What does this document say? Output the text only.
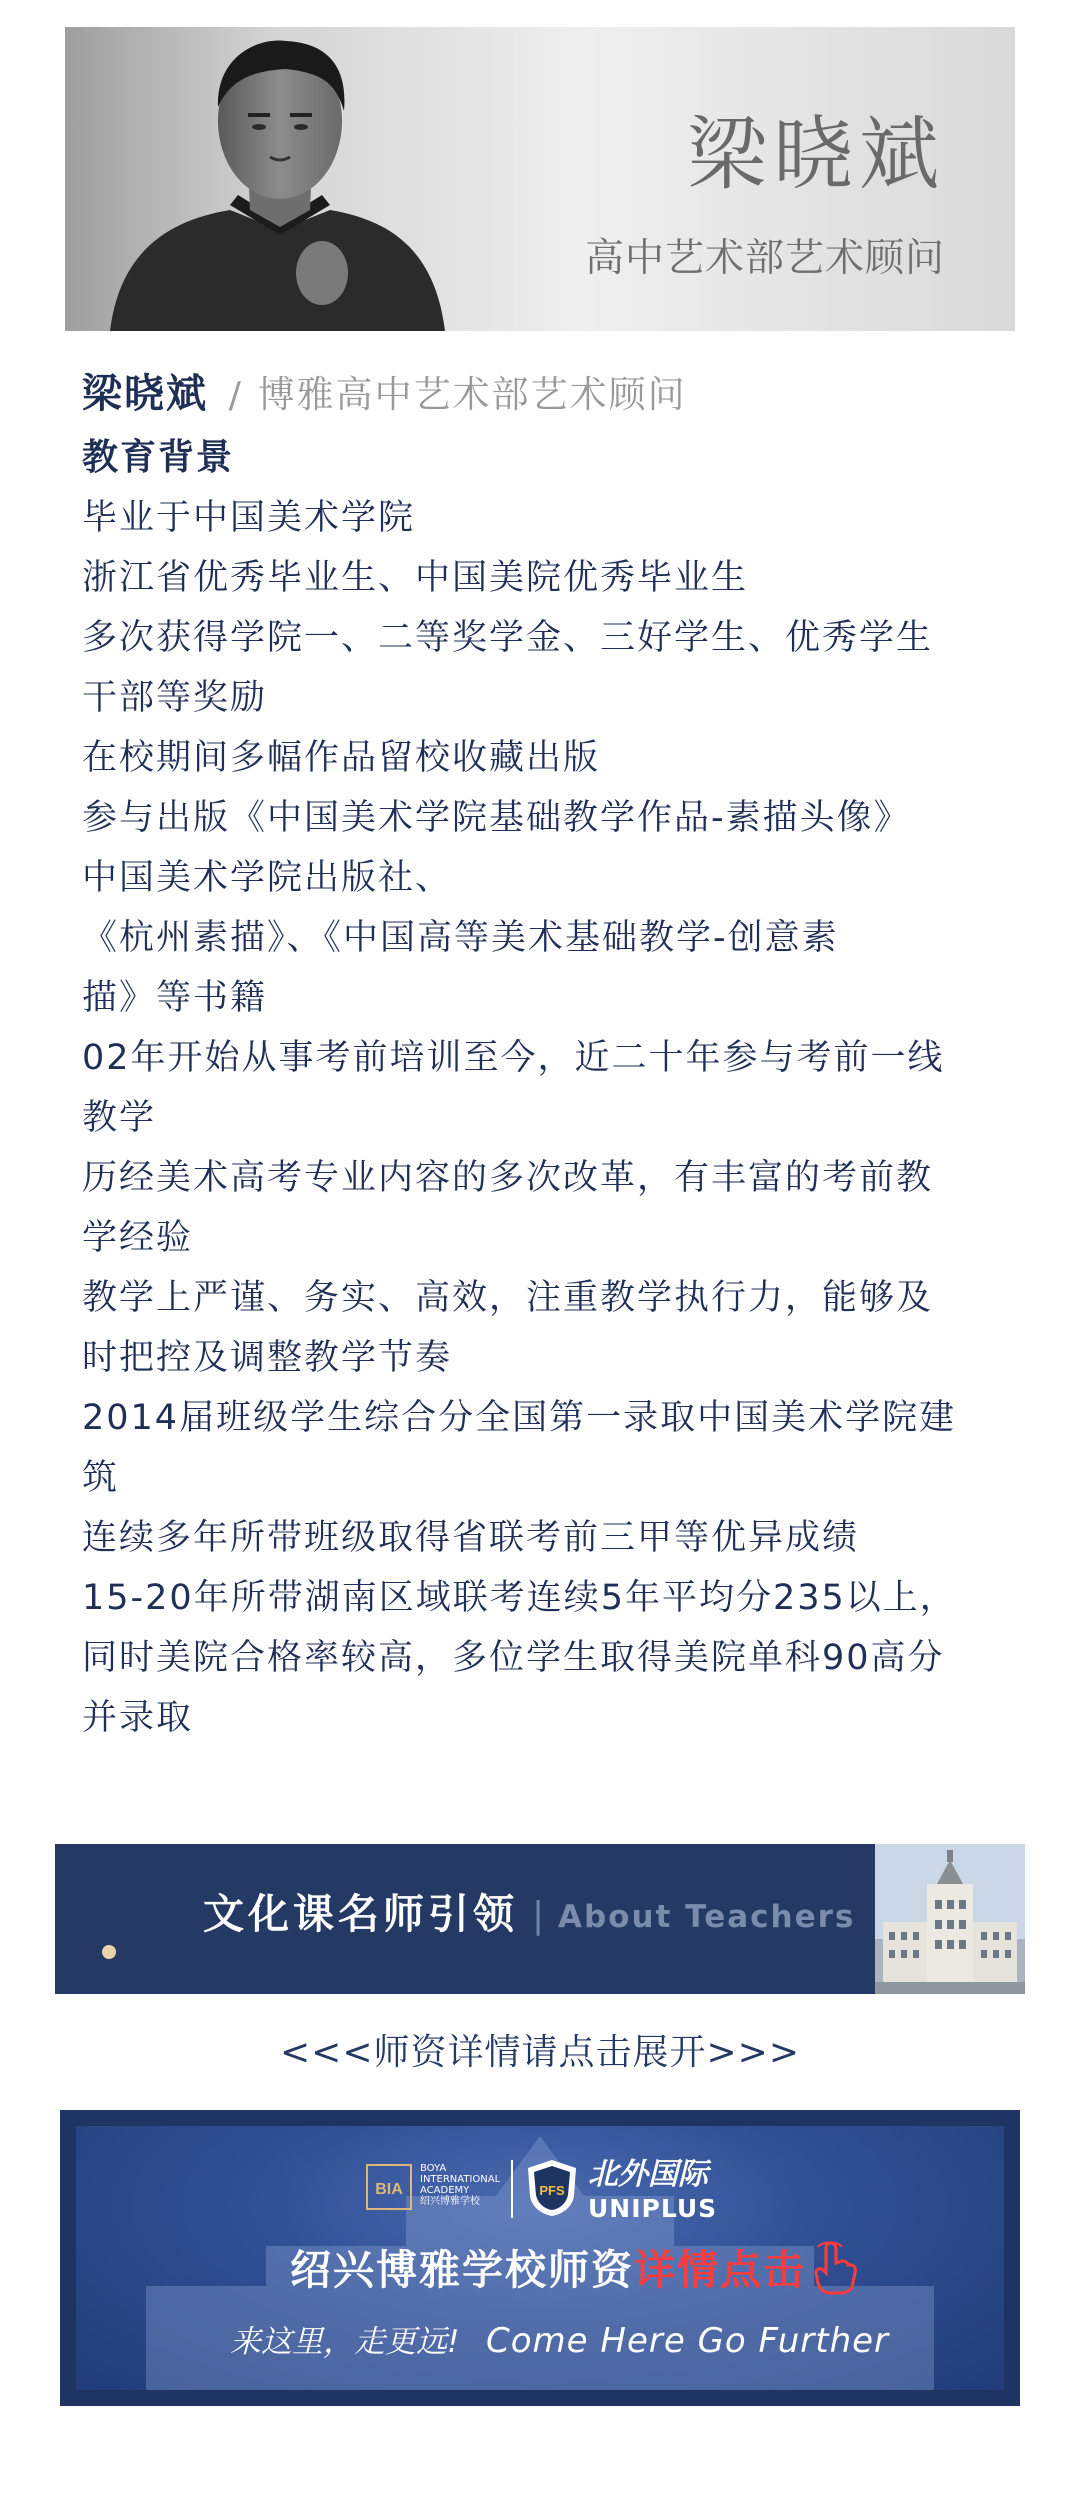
梁晓斌
高中艺术部艺术顾问
梁晓斌 / 博雅高中艺术部艺术顾问
教育背景
毕业于中国美术学院
浙江省优秀毕业生、中国美院优秀毕业生
多次获得学院一、二等奖学金、三好学生、优秀学生
干部等奖励
在校期间多幅作品留校收藏出版
参与出版《中国美术学院基础教学作品-素描头像》
中国美术学院出版社、
《杭州素描》、《中国高等美术基础教学-创意素
描》等书籍
02年开始从事考前培训至今，近二十年参与考前一线
教学
历经美术高考专业内容的多次改革，有丰富的考前教
学经验
教学上严谨、务实、高效，注重教学执行力，能够及
时把控及调整教学节奏
2014届班级学生综合分全国第一录取中国美术学院建
筑
连续多年所带班级取得省联考前三甲等优异成绩
15-20年所带湖南区域联考连续5年平均分235以上，
同时美院合格率较高，多位学生取得美院单科90高分
并录取
文化课名师引领 | About Teachers
<<<师资详情请点击展开>>>
BIA
BOYA
INTERNATIONAL
ACADEMY
绍兴博雅学校
PFS 北外国际
UNIPLUS
绍兴博雅学校师资详情点击
来这里，走更远! Come Here Go Further
